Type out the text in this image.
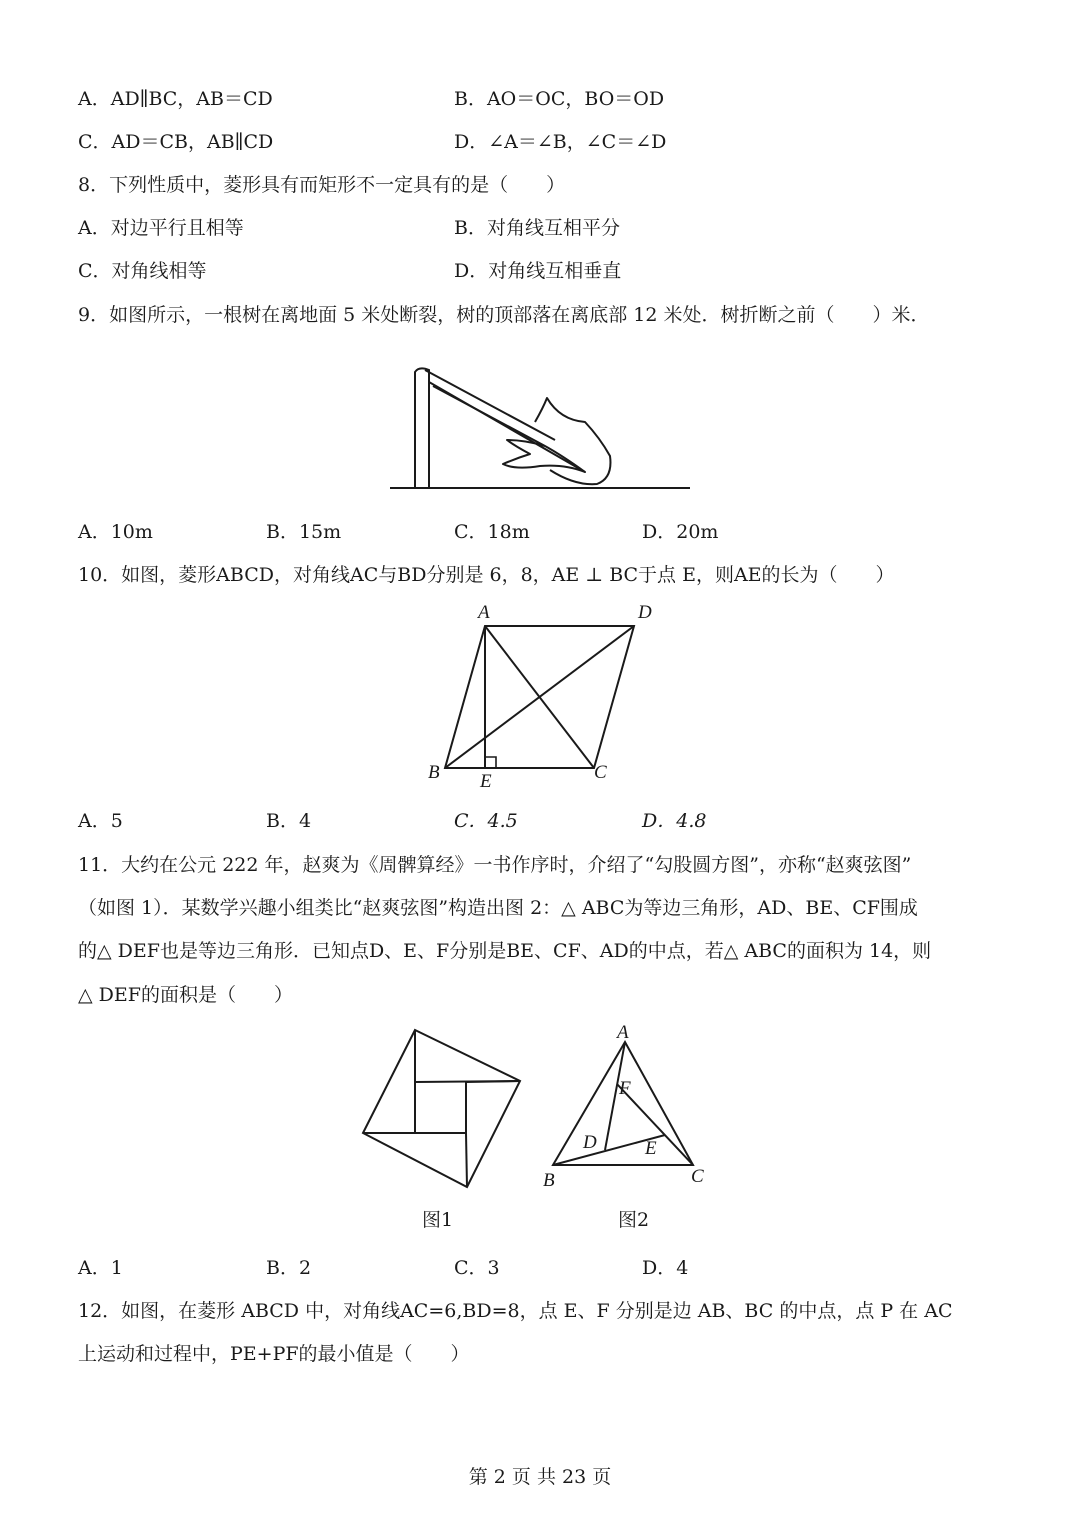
A．AD∥BC，AB＝CD	B．AO＝OC，BO＝OD
C．AD＝CB，AB∥CD	D．∠A＝∠B，∠C＝∠D
8．下列性质中，菱形具有而矩形不一定具有的是（　　）
A．对边平行且相等	B．对角线互相平分
C．对角线相等	D．对角线互相垂直
9．如图所示，一根树在离地面 5 米处断裂，树的顶部落在离底部 12 米处．树折断之前（　　）米．
A．10m	B．15m	C．18m	D．20m
10．如图，菱形ABCD，对角线AC与BD分别是 6，8，AE ⊥ BC于点 E，则AE的长为（　　）
A	D
B	C
E
A．5	B．4	C．4.5	D．4.8
11．大约在公元 222 年，赵爽为《周髀算经》一书作序时，介绍了“勾股圆方图”，亦称“赵爽弦图”
（如图 1）．某数学兴趣小组类比“赵爽弦图”构造出图 2：△ ABC为等边三角形，AD、BE、CF围成
的△ DEF也是等边三角形．已知点D、E、F分别是BE、CF、AD的中点，若△ ABC的面积为 14，则
△ DEF的面积是（　　）
图1
A
F
D	E
B	C
图2
A．1	B．2	C．3	D．4
12．如图，在菱形 ABCD 中，对角线AC=6,BD=8，点 E、F 分别是边 AB、BC 的中点，点 P 在 AC
上运动和过程中，PE+PF的最小值是（　　）
第 2 页 共 23 页
